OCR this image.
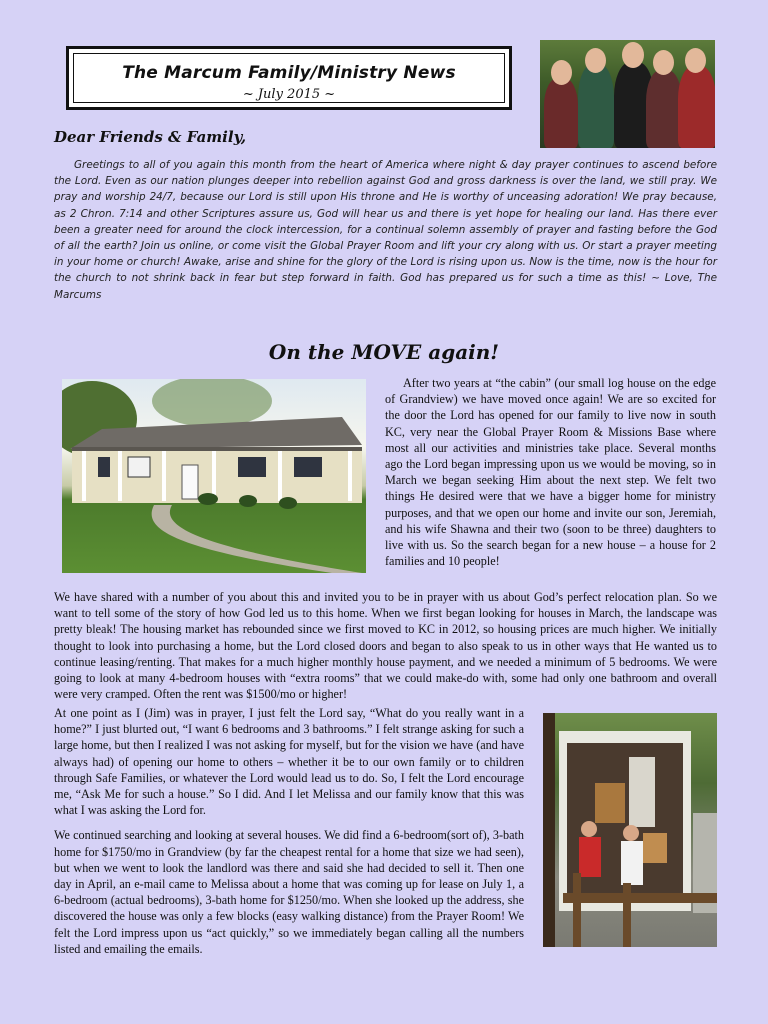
The Marcum Family/Ministry News
~ July 2015 ~
Dear Friends & Family,
Greetings to all of you again this month from the heart of America where night & day prayer continues to ascend before the Lord. Even as our nation plunges deeper into rebellion against God and gross darkness is over the land, we still pray. We pray and worship 24/7, because our Lord is still upon His throne and He is worthy of unceasing adoration! We pray because, as 2 Chron. 7:14 and other Scriptures assure us, God will hear us and there is yet hope for healing our land. Has there ever been a greater need for around the clock intercession, for a continual solemn assembly of prayer and fasting before the God of all the earth? Join us online, or come visit the Global Prayer Room and lift your cry along with us. Or start a prayer meeting in your home or church! Awake, arise and shine for the glory of the Lord is rising upon us. Now is the time, now is the hour for the church to not shrink back in fear but step forward in faith. God has prepared us for such a time as this! ~ Love, The Marcums
On the MOVE again!
After two years at “the cabin” (our small log house on the edge of Grandview) we have moved once again! We are so excited for the door the Lord has opened for our family to live now in south KC, very near the Global Prayer Room & Missions Base where most all our activities and ministries take place. Several months ago the Lord began impressing upon us we would be moving, so in March we began seeking Him about the next step. We felt two things He desired were that we have a bigger home for ministry purposes, and that we open our home and invite our son, Jeremiah, and his wife Shawna and their two (soon to be three) daughters to live with us. So the search began for a new house – a house for 2 families and 10 people!
We have shared with a number of you about this and invited you to be in prayer with us about God’s perfect relocation plan. So we want to tell some of the story of how God led us to this home. When we first began looking for houses in March, the landscape was pretty bleak! The housing market has rebounded since we first moved to KC in 2012, so housing prices are much higher. We initially thought to look into purchasing a home, but the Lord closed doors and began to also speak to us in other ways that He wanted us to continue leasing/renting. That makes for a much higher monthly house payment, and we needed a minimum of 5 bedrooms. We were going to look at many 4-bedroom houses with “extra rooms” that we could make-do with, some had only one bathroom and overall were very cramped. Often the rent was $1500/mo or higher!

At one point as I (Jim) was in prayer, I just felt the Lord say, “What do you really want in a home?” I just blurted out, “I want 6 bedrooms and 3 bathrooms.” I felt strange asking for such a large home, but then I realized I was not asking for myself, but for the vision we have (and have always had) of opening our home to others – whether it be to our own family or to children through Safe Families, or whatever the Lord would lead us to do. So, I felt the Lord encourage me, “Ask Me for such a house.” So I did. And I let Melissa and our family know that this was what I was asking the Lord for.

We continued searching and looking at several houses. We did find a 6-bedroom(sort of), 3-bath home for $1750/mo in Grandview (by far the cheapest rental for a home that size we had seen), but when we went to look the landlord was there and said she had decided to sell it. Then one day in April, an e-mail came to Melissa about a home that was coming up for lease on July 1, a 6-bedroom (actual bedrooms), 3-bath home for $1250/mo. When she looked up the address, she discovered the house was only a few blocks (easy walking distance) from the Prayer Room! We felt the Lord impress upon us “act quickly,” so we immediately began calling all the numbers listed and emailing the emails.
